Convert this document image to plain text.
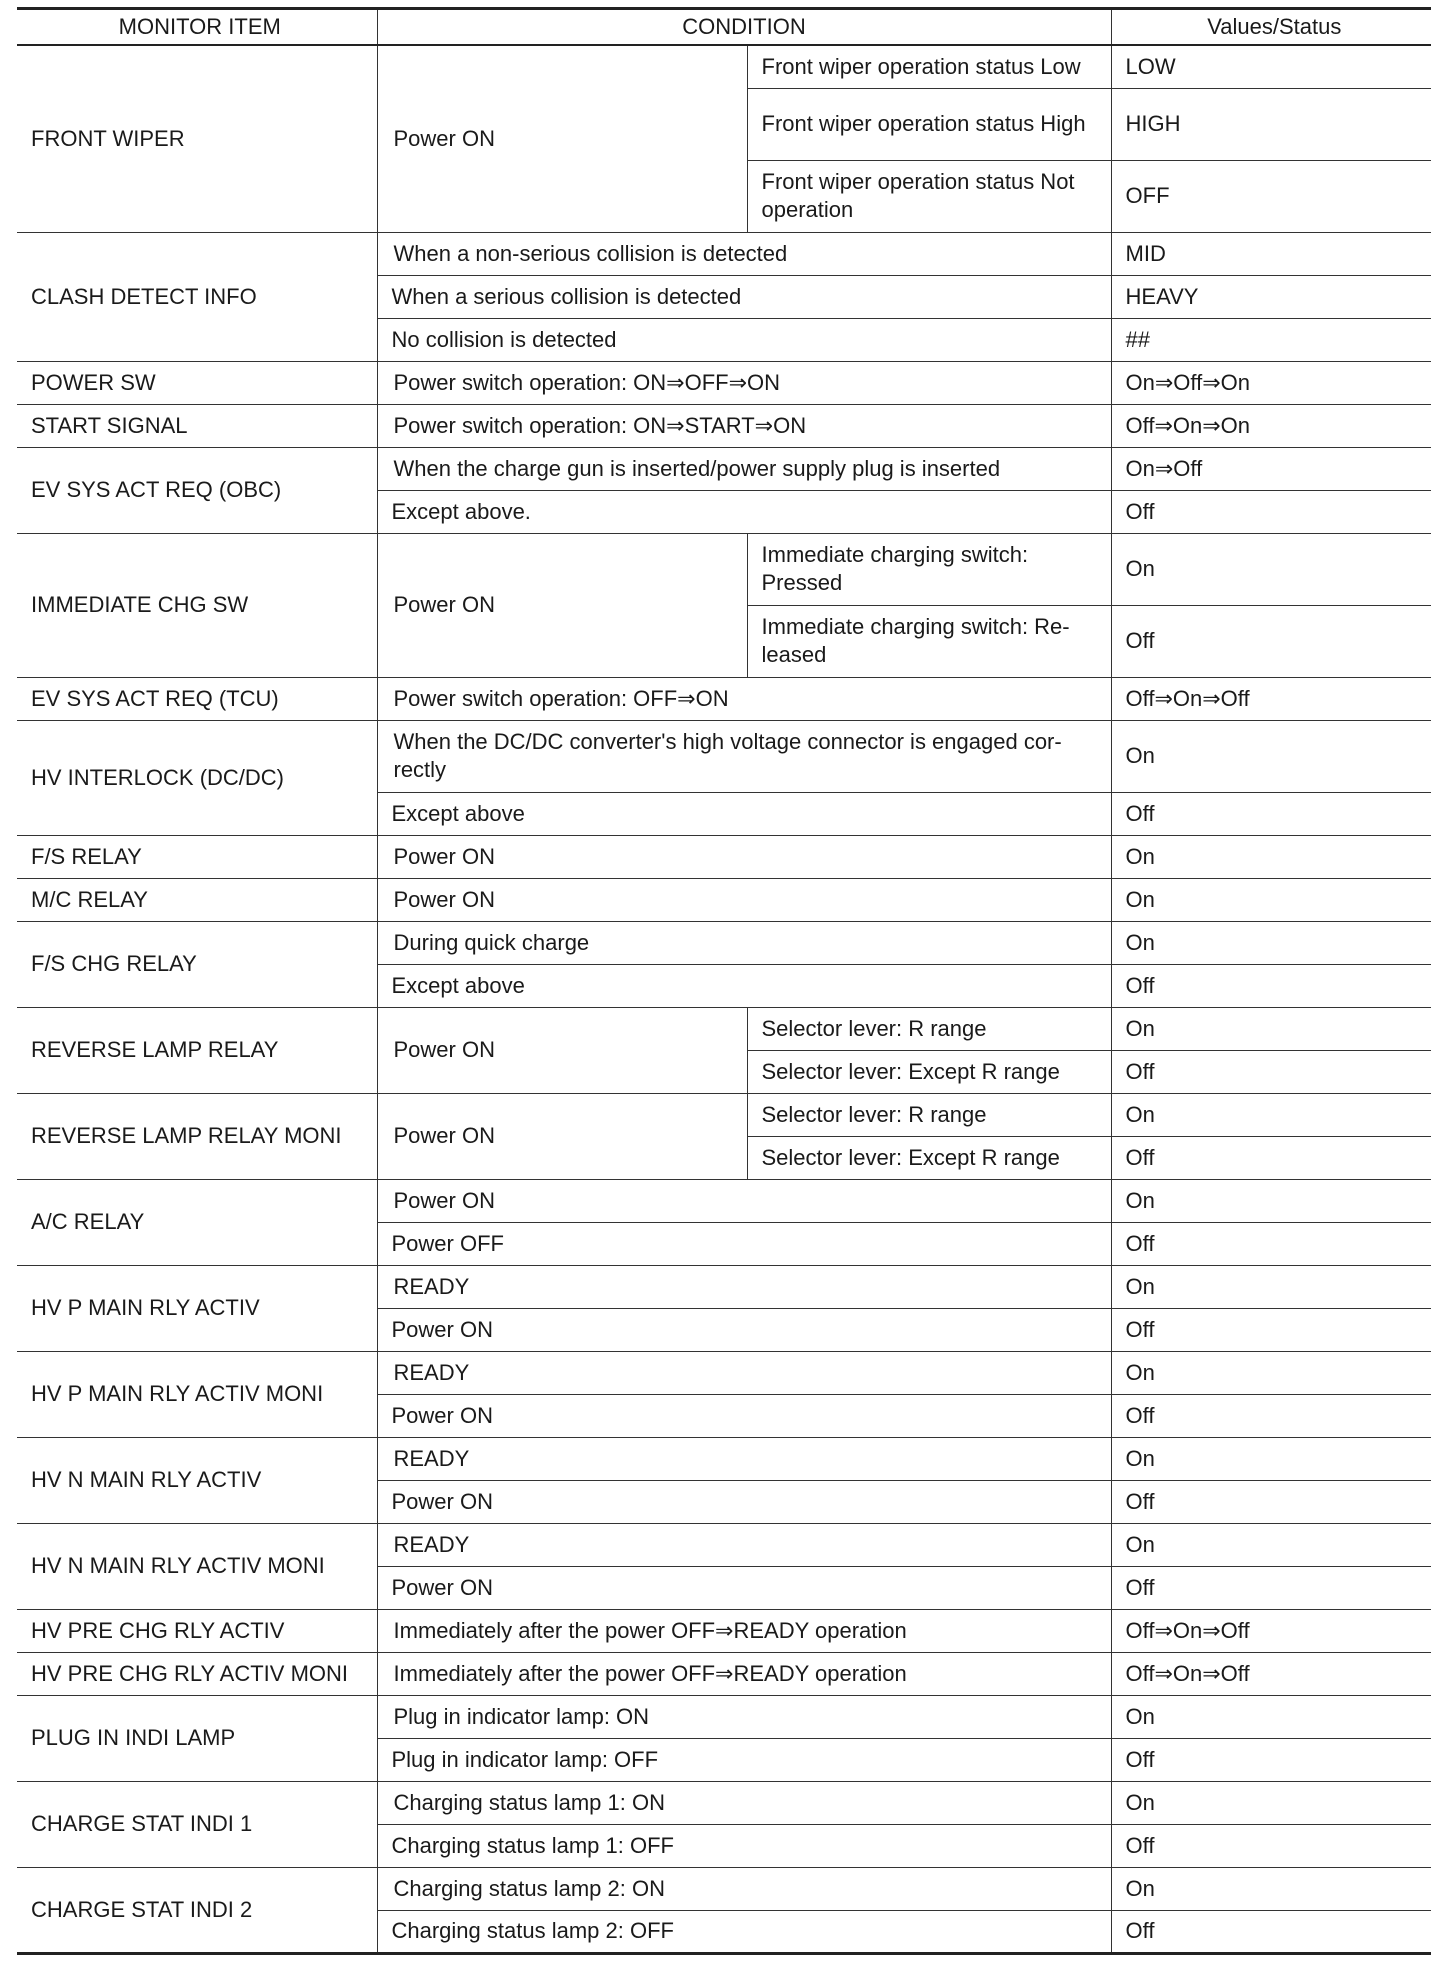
MONITOR ITEM	CONDITION		Values/Status
FRONT WIPER	Power ON	Front wiper operation status Low	LOW
		Front wiper operation status High	HIGH
		Front wiper operation status Not operation	OFF
CLASH DETECT INFO	When a non-serious collision is detected		MID
	When a serious collision is detected		HEAVY
	No collision is detected		##
POWER SW	Power switch operation: ON⇒OFF⇒ON		On⇒Off⇒On
START SIGNAL	Power switch operation: ON⇒START⇒ON		Off⇒On⇒On
EV SYS ACT REQ (OBC)	When the charge gun is inserted/power supply plug is inserted		On⇒Off
	Except above.		Off
IMMEDIATE CHG SW	Power ON	Immediate charging switch: Pressed	On
		Immediate charging switch: Re-leased	Off
EV SYS ACT REQ (TCU)	Power switch operation: OFF⇒ON		Off⇒On⇒Off
HV INTERLOCK (DC/DC)	When the DC/DC converter's high voltage connector is engaged cor-rectly		On
	Except above		Off
F/S RELAY	Power ON		On
M/C RELAY	Power ON		On
F/S CHG RELAY	During quick charge		On
	Except above		Off
REVERSE LAMP RELAY	Power ON	Selector lever: R range	On
		Selector lever: Except R range	Off
REVERSE LAMP RELAY MONI	Power ON	Selector lever: R range	On
		Selector lever: Except R range	Off
A/C RELAY	Power ON		On
	Power OFF		Off
HV P MAIN RLY ACTIV	READY		On
	Power ON		Off
HV P MAIN RLY ACTIV MONI	READY		On
	Power ON		Off
HV N MAIN RLY ACTIV	READY		On
	Power ON		Off
HV N MAIN RLY ACTIV MONI	READY		On
	Power ON		Off
HV PRE CHG RLY ACTIV	Immediately after the power OFF⇒READY operation		Off⇒On⇒Off
HV PRE CHG RLY ACTIV MONI	Immediately after the power OFF⇒READY operation		Off⇒On⇒Off
PLUG IN INDI LAMP	Plug in indicator lamp: ON		On
	Plug in indicator lamp: OFF		Off
CHARGE STAT INDI 1	Charging status lamp 1: ON		On
	Charging status lamp 1: OFF		Off
CHARGE STAT INDI 2	Charging status lamp 2: ON		On
	Charging status lamp 2: OFF		Off
